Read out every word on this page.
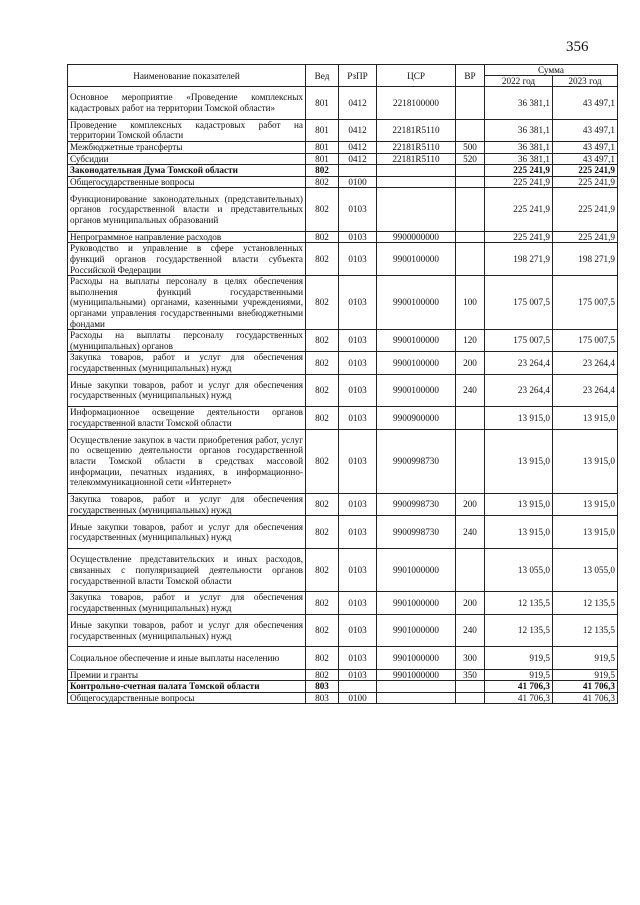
356
Наименование показателей	Вед	РзПР	ЦСР	ВР	Сумма	
					2022 год	2023 год
Основное мероприятие «Проведение комплексных кадастровых работ на территории Томской области»	801	0412	2218100000		36 381,1	43 497,1
Проведение комплексных кадастровых работ на территории Томской области	801	0412	22181R5110		36 381,1	43 497,1
Межбюджетные трансферты	801	0412	22181R5110	500	36 381,1	43 497,1
Субсидии	801	0412	22181R5110	520	36 381,1	43 497,1
Законодательная Дума Томской области	802				225 241,9	225 241,9
Общегосударственные вопросы	802	0100			225 241,9	225 241,9
Функционирование законодательных (представительных) органов государственной власти и представительных органов муниципальных образований	802	0103			225 241,9	225 241,9
Непрограммное направление расходов	802	0103	9900000000		225 241,9	225 241,9
Руководство и управление в сфере установленных функций органов государственной власти субъекта Российской Федерации	802	0103	9900100000		198 271,9	198 271,9
Расходы на выплаты персоналу в целях обеспечения выполнения функций государственными (муниципальными) органами, казенными учреждениями, органами управления государственными внебюджетными фондами	802	0103	9900100000	100	175 007,5	175 007,5
Расходы на выплаты персоналу государственных (муниципальных) органов	802	0103	9900100000	120	175 007,5	175 007,5
Закупка товаров, работ и услуг для обеспечения государственных (муниципальных) нужд	802	0103	9900100000	200	23 264,4	23 264,4
Иные закупки товаров, работ и услуг для обеспечения государственных (муниципальных) нужд	802	0103	9900100000	240	23 264,4	23 264,4
Информационное освещение деятельности органов государственной власти Томской области	802	0103	9900900000		13 915,0	13 915,0
Осуществление закупок в части приобретения работ, услуг по освещению деятельности органов государственной власти Томской области в средствах массовой информации, печатных изданиях, в информационно-телекоммуникационной сети «Интернет»	802	0103	9900998730		13 915,0	13 915,0
Закупка товаров, работ и услуг для обеспечения государственных (муниципальных) нужд	802	0103	9900998730	200	13 915,0	13 915,0
Иные закупки товаров, работ и услуг для обеспечения государственных (муниципальных) нужд	802	0103	9900998730	240	13 915,0	13 915,0
Осуществление представительских и иных расходов, связанных с популяризацией деятельности органов государственной власти Томской области	802	0103	9901000000		13 055,0	13 055,0
Закупка товаров, работ и услуг для обеспечения государственных (муниципальных) нужд	802	0103	9901000000	200	12 135,5	12 135,5
Иные закупки товаров, работ и услуг для обеспечения государственных (муниципальных) нужд	802	0103	9901000000	240	12 135,5	12 135,5
Социальное обеспечение и иные выплаты населению	802	0103	9901000000	300	919,5	919,5
Премии и гранты	802	0103	9901000000	350	919,5	919,5
Контрольно-счетная палата Томской области	803				41 706,3	41 706,3
Общегосударственные вопросы	803	0100			41 706,3	41 706,3
